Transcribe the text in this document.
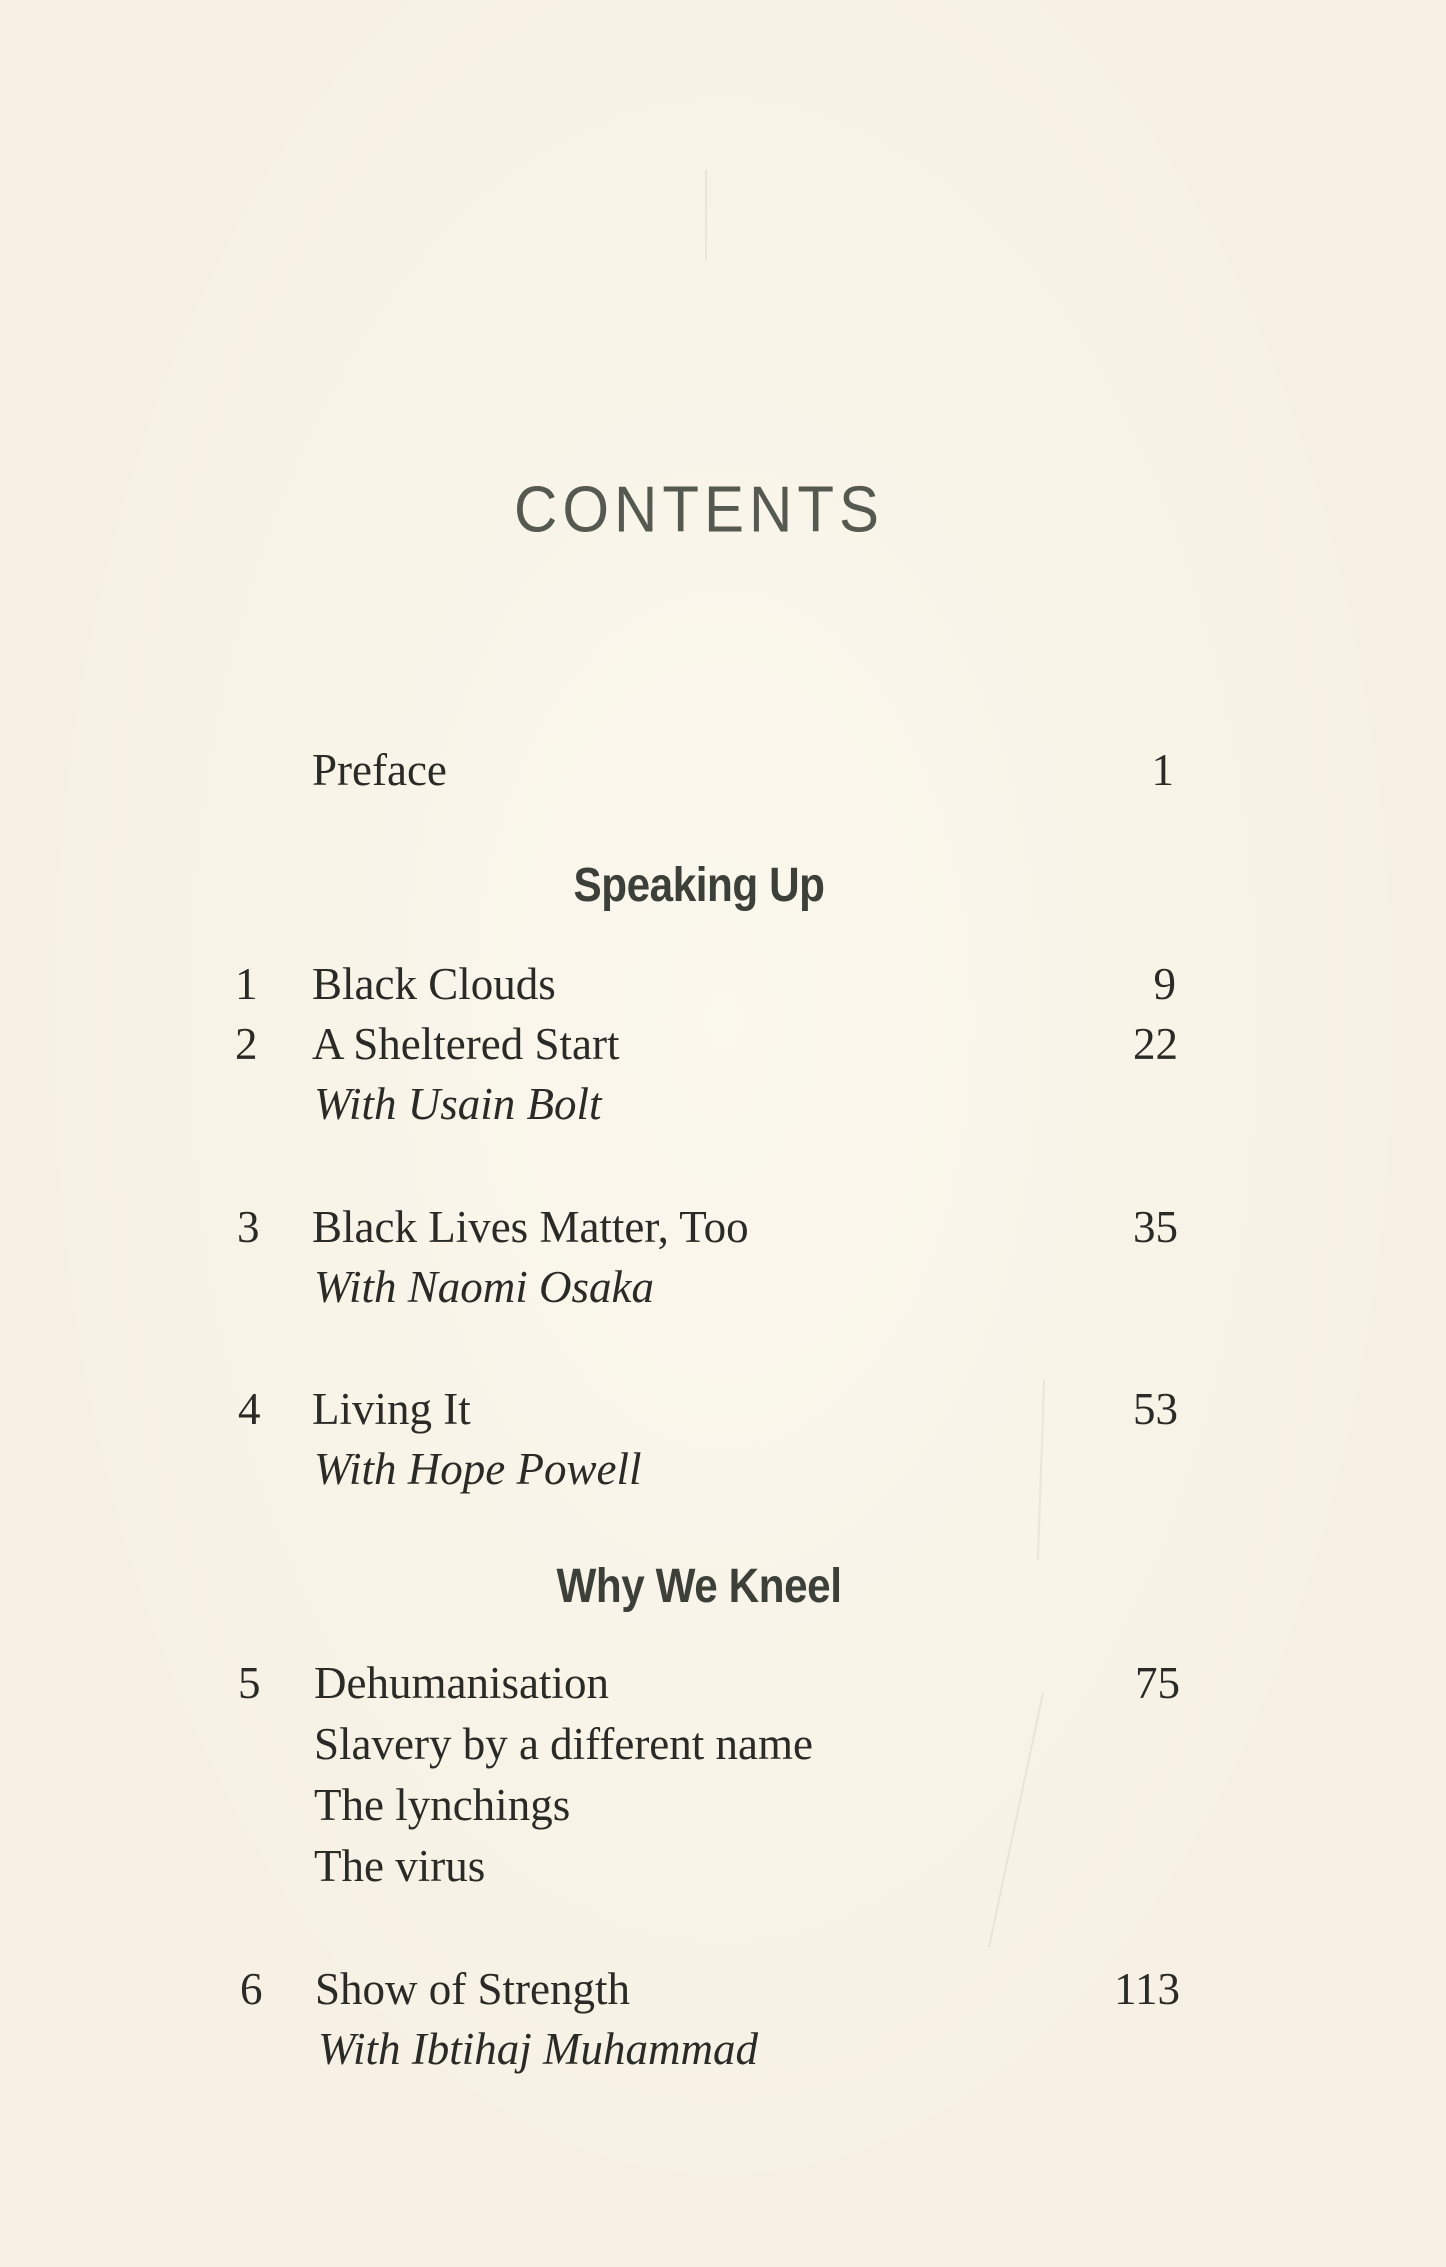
CONTENTS
Preface	1
Speaking Up
1	Black Clouds	9
2	A Sheltered Start	22
With Usain Bolt
3	Black Lives Matter, Too	35
With Naomi Osaka
4	Living It	53
With Hope Powell
Why We Kneel
5	Dehumanisation	75
Slavery by a different name
The lynchings
The virus
6	Show of Strength	113
With Ibtihaj Muhammad
